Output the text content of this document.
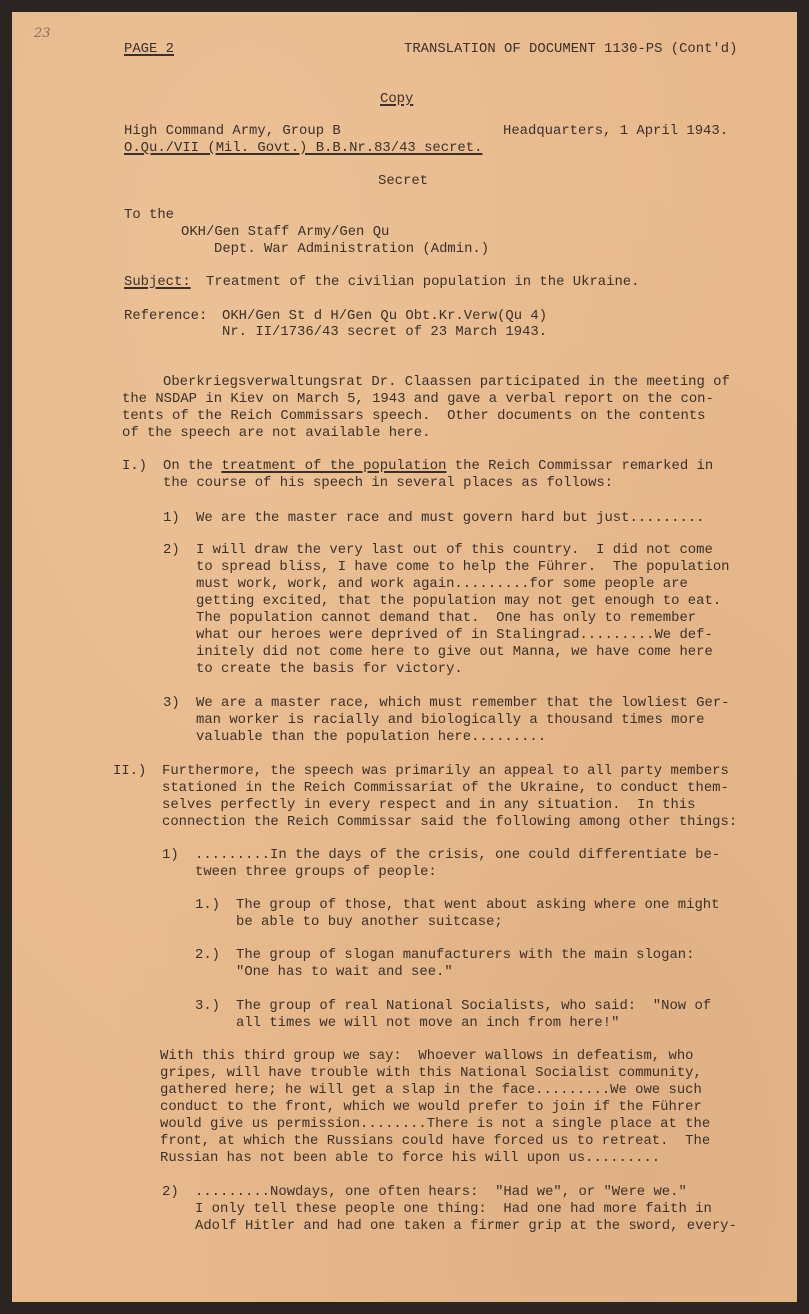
23
PAGE 2	TRANSLATION OF DOCUMENT 1130-PS (Cont'd)
Copy
High Command Army, Group B	Headquarters, 1 April 1943.
O.Qu./VII (Mil. Govt.) B.B.Nr.83/43 secret.
Secret
To the
OKH/Gen Staff Army/Gen Qu
Dept. War Administration (Admin.)
Subject: Treatment of the civilian population in the Ukraine.
Reference: OKH/Gen St d H/Gen Qu Obt.Kr.Verw(Qu 4)
Nr. II/1736/43 secret of 23 March 1943.
Oberkriegsverwaltungsrat Dr. Claassen participated in the meeting of
the NSDAP in Kiev on March 5, 1943 and gave a verbal report on the con-
tents of the Reich Commissars speech.  Other documents on the contents
of the speech are not available here.
I.) On the treatment of the population the Reich Commissar remarked in
the course of his speech in several places as follows:
1) We are the master race and must govern hard but just.........
2) I will draw the very last out of this country.  I did not come
to spread bliss, I have come to help the Führer.  The population
must work, work, and work again.........for some people are
getting excited, that the population may not get enough to eat.
The population cannot demand that.  One has only to remember
what our heroes were deprived of in Stalingrad.........We def-
initely did not come here to give out Manna, we have come here
to create the basis for victory.
3) We are a master race, which must remember that the lowliest Ger-
man worker is racially and biologically a thousand times more
valuable than the population here.........
II.) Furthermore, the speech was primarily an appeal to all party members
stationed in the Reich Commissariat of the Ukraine, to conduct them-
selves perfectly in every respect and in any situation.  In this
connection the Reich Commissar said the following among other things:
1) .........In the days of the crisis, one could differentiate be-
tween three groups of people:
1.) The group of those, that went about asking where one might
be able to buy another suitcase;
2.) The group of slogan manufacturers with the main slogan:
"One has to wait and see."
3.) The group of real National Socialists, who said:  "Now of
all times we will not move an inch from here!"
With this third group we say:  Whoever wallows in defeatism, who
gripes, will have trouble with this National Socialist community,
gathered here; he will get a slap in the face.........We owe such
conduct to the front, which we would prefer to join if the Führer
would give us permission........There is not a single place at the
front, at which the Russians could have forced us to retreat.  The
Russian has not been able to force his will upon us.........
2) .........Nowdays, one often hears:  "Had we", or "Were we."
I only tell these people one thing:  Had one had more faith in
Adolf Hitler and had one taken a firmer grip at the sword, every-
